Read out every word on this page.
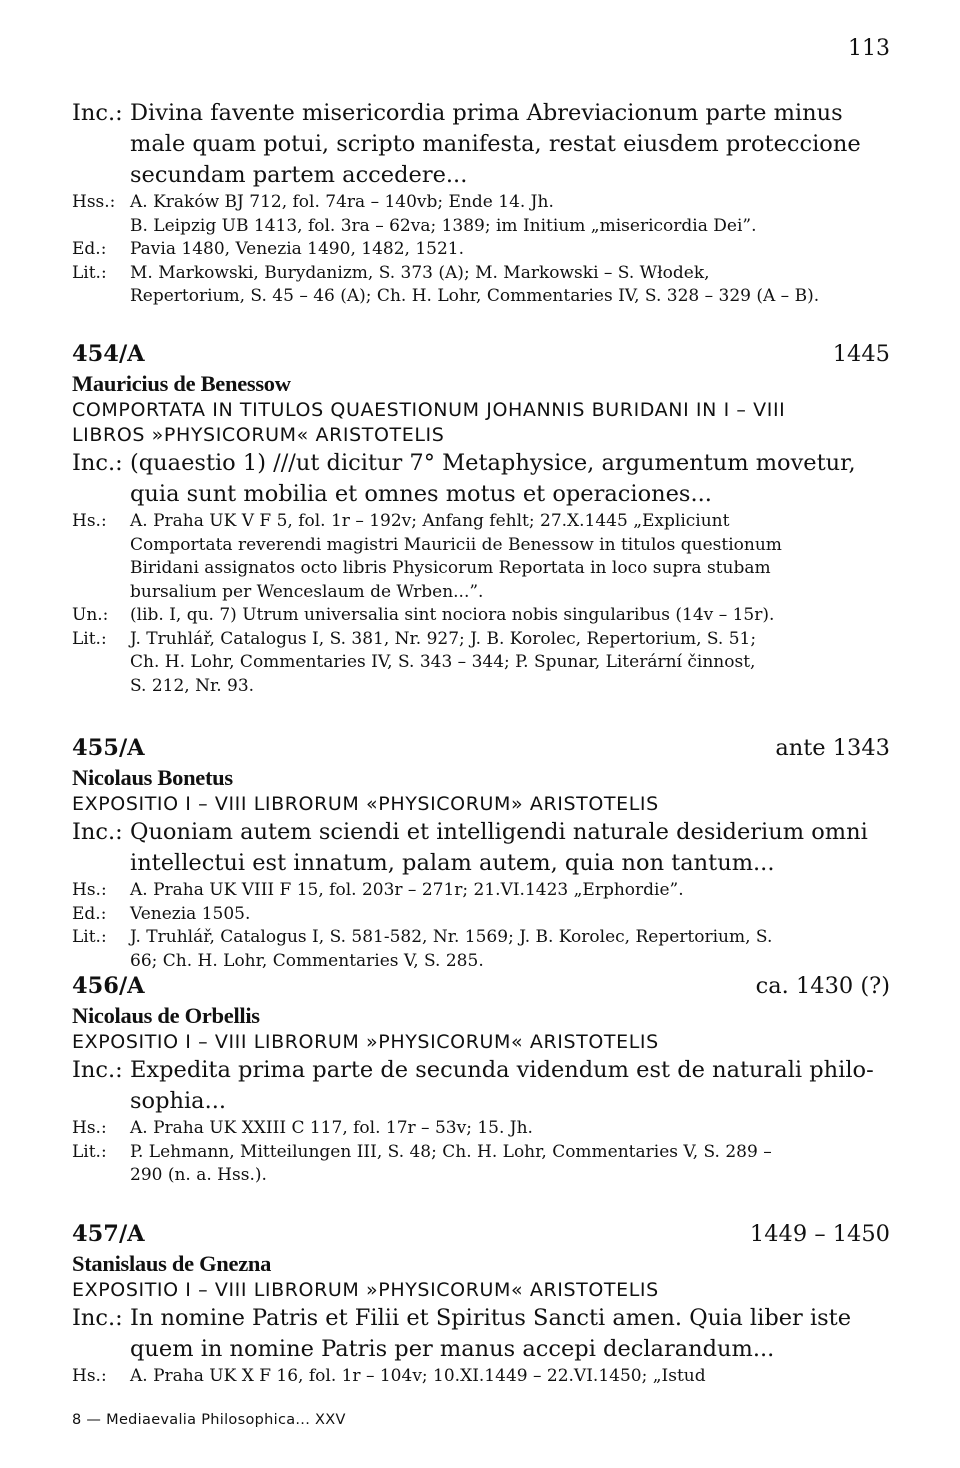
113
Inc.: Divina favente misericordia prima Abreviacionum parte minus
male quam potui, scripto manifesta, restat eiusdem proteccione
secundam partem accedere...
Hss.: A. Kraków BJ 712, fol. 74ra – 140vb; Ende 14. Jh.
B. Leipzig UB 1413, fol. 3ra – 62va; 1389; im Initium „misericordia Dei”.
Ed.:	Pavia 1480, Venezia 1490, 1482, 1521.
Lit.:	M. Markowski, Burydanizm, S. 373 (A); M. Markowski – S. Włodek,
Repertorium, S. 45 – 46 (A); Ch. H. Lohr, Commentaries IV, S. 328 – 329 (A – B).
454/A	1445
Mauricius de Benessow
COMPORTATA IN TITULOS QUAESTIONUM JOHANNIS BURIDANI IN I – VIII
LIBROS »PHYSICORUM« ARISTOTELIS
Inc.: (quaestio 1) ///ut dicitur 7° Metaphysice, argumentum movetur,
quia sunt mobilia et omnes motus et operaciones...
Hs.:	A. Praha UK V F 5, fol. 1r – 192v; Anfang fehlt; 27.X.1445 „Expliciunt
Comportata reverendi magistri Mauricii de Benessow in titulos questionum
Biridani assignatos octo libris Physicorum Reportata in loco supra stubam
bursalium per Wenceslaum de Wrben...”.
Un.:	(lib. I, qu. 7) Utrum universalia sint nociora nobis singularibus (14v – 15r).
Lit.:	J. Truhlář, Catalogus I, S. 381, Nr. 927; J. B. Korolec, Repertorium, S. 51;
Ch. H. Lohr, Commentaries IV, S. 343 – 344; P. Spunar, Literární činnost,
S. 212, Nr. 93.
455/A	ante 1343
Nicolaus Bonetus
EXPOSITIO I – VIII LIBRORUM «PHYSICORUM» ARISTOTELIS
Inc.: Quoniam autem sciendi et intelligendi naturale desiderium omni
intellectui est innatum, palam autem, quia non tantum...
Hs.:	A. Praha UK VIII F 15, fol. 203r – 271r; 21.VI.1423 „Erphordie”.
Ed.:	Venezia 1505.
Lit.:	J. Truhlář, Catalogus I, S. 581-582, Nr. 1569; J. B. Korolec, Repertorium, S.
66; Ch. H. Lohr, Commentaries V, S. 285.
456/A	ca. 1430 (?)
Nicolaus de Orbellis
EXPOSITIO I – VIII LIBRORUM »PHYSICORUM« ARISTOTELIS
Inc.: Expedita prima parte de secunda videndum est de naturali philo-
sophia...
Hs.:	A. Praha UK XXIII C 117, fol. 17r – 53v; 15. Jh.
Lit.:	P. Lehmann, Mitteilungen III, S. 48; Ch. H. Lohr, Commentaries V, S. 289 –
290 (n. a. Hss.).
457/A	1449 – 1450
Stanislaus de Gnezna
EXPOSITIO I – VIII LIBRORUM »PHYSICORUM« ARISTOTELIS
Inc.: In nomine Patris et Filii et Spiritus Sancti amen. Quia liber iste
quem in nomine Patris per manus accepi declarandum...
Hs.:	A. Praha UK X F 16, fol. 1r – 104v; 10.XI.1449 – 22.VI.1450; „Istud
8 — Mediaevalia Philosophica... XXV
